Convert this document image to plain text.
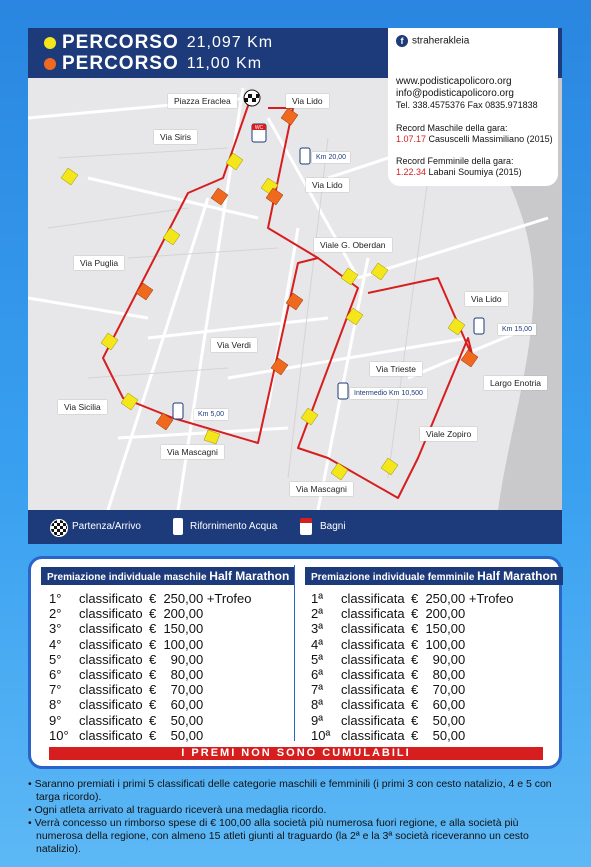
PERCORSO 21,097 Km
PERCORSO 11,00 Km
WC
Piazza Eraclea	Via Lido
Via Siris
Via Lido
Via Puglia
Viale G. Oberdan
Via Lido
Via Verdi
Via Trieste
Largo Enotria
Via Sicilia
Viale Zopiro
Via Mascagni
Via Mascagni
Km 20,00
Km 15,00
Intermedio Km 10,500
Km 5,00
f straherakleia
www.podisticapolicoro.org
info@podisticapolicoro.org
Tel. 338.4575376 Fax 0835.971838
Record Maschile della gara:
1.07.17 Casuscelli Massimiliano (2015)
Record Femminile della gara:
1.22.34 Labani Soumiya (2015)
Partenza/Arrivo	Rifornimento Acqua	Bagni
Premiazione individuale maschile Half Marathon	Premiazione individuale femminile Half Marathon
1° classificato €  250,00 +Trofeo
2° classificato €  200,00
3° classificato €  150,00
4° classificato €  100,00
5° classificato €    90,00
6° classificato €    80,00
7° classificato €    70,00
8° classificato €    60,00
9° classificato €    50,00
10° classificato €    50,00
1ª classificata €  250,00 +Trofeo
2ª classificata €  200,00
3ª classificata €  150,00
4ª classificata €  100,00
5ª classificata €    90,00
6ª classificata €    80,00
7ª classificata €    70,00
8ª classificata €    60,00
9ª classificata €    50,00
10ª classificata €    50,00
I PREMI NON SONO CUMULABILI
• Saranno premiati i primi 5 classificati delle categorie maschili e femminili (i primi 3 con cesto natalizio, 4 e 5 con targa ricordo).
• Ogni atleta arrivato al traguardo riceverà una medaglia ricordo.
• Verrà concesso un rimborso spese di € 100,00 alla società più numerosa fuori regione, e alla società più numerosa della regione, con almeno 15 atleti giunti al traguardo (la 2ª e la 3ª società riceveranno un cesto natalizio).
